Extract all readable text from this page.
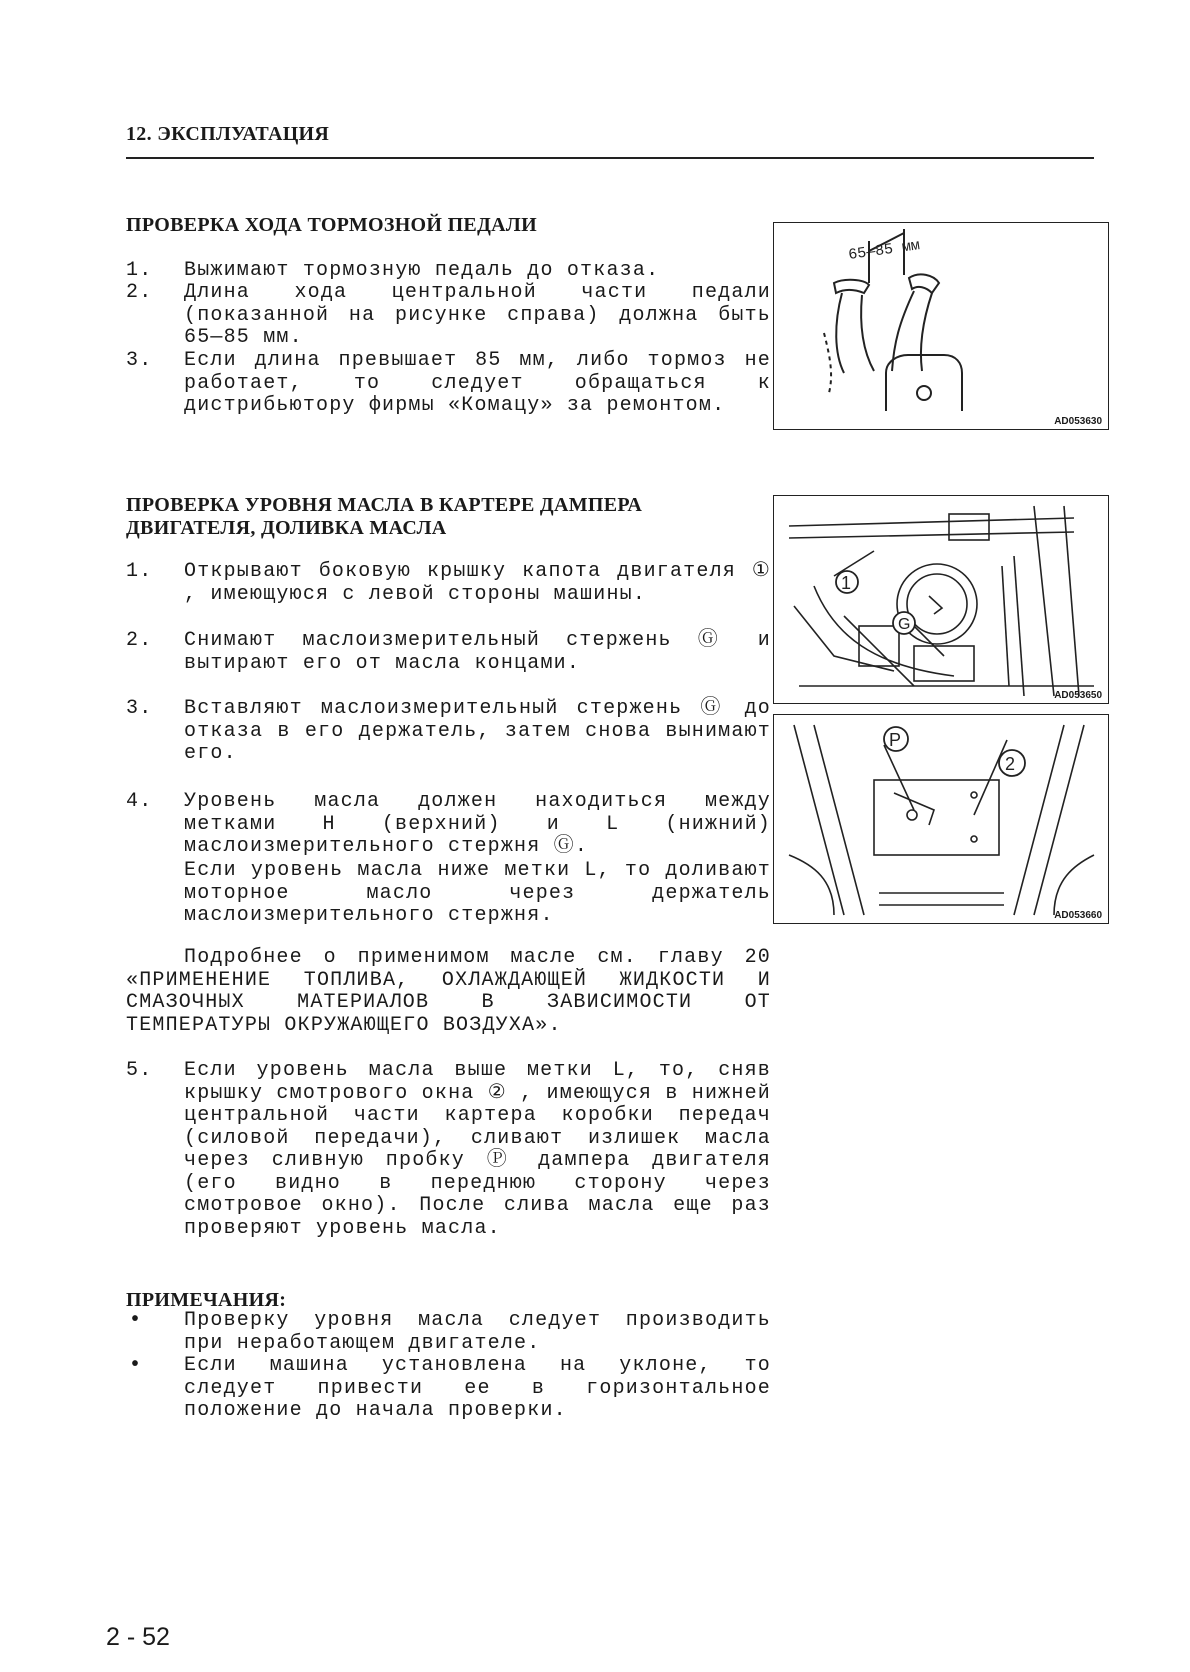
12. ЭКСПЛУАТАЦИЯ
ПРОВЕРКА ХОДА ТОРМОЗНОЙ ПЕДАЛИ
1. Выжимают тормозную педаль до отказа.
2. Длина хода центральной части педали (показанной на рисунке справа) должна быть 65—85 мм.
3. Если длина превышает 85 мм, либо тормоз не работает, то следует обращаться к дистрибьютору фирмы «Комацу» за ремонтом.
65—85 мм
AD053630
ПРОВЕРКА УРОВНЯ МАСЛА В КАРТЕРЕ ДАМПЕРА ДВИГАТЕЛЯ, ДОЛИВКА МАСЛА
1. Открывают боковую крышку капота двигателя ① , имеющуюся с левой стороны машины.
2. Снимают маслоизмерительный стержень Ⓖ и вытирают его от масла концами.
3. Вставляют маслоизмерительный стержень Ⓖ до отказа в его держатель, затем снова вынимают его.
4. Уровень масла должен находиться между метками H (верхний) и L (нижний) маслоизмерительного стержня Ⓖ.
Если уровень масла ниже метки L, то доливают моторное масло через держатель маслоизмерительного стержня.
Подробнее о применимом масле см. главу 20 «ПРИМЕНЕНИЕ ТОПЛИВА, ОХЛАЖДАЮЩЕЙ ЖИДКОСТИ И СМАЗОЧНЫХ МАТЕРИАЛОВ В ЗАВИСИМОСТИ ОТ ТЕМПЕРАТУРЫ ОКРУЖАЮЩЕГО ВОЗДУХА».
5. Если уровень масла выше метки L, то, сняв крышку смотрового окна ② , имеющуся в нижней центральной части картера коробки передач (силовой передачи), сливают излишек масла через сливную пробку Ⓟ дампера двигателя (его видно в переднюю сторону через смотровое окно). После слива масла еще раз проверяют уровень масла.
1
G
AD053650
P
2
AD053660
ПРИМЕЧАНИЯ:
• Проверку уровня масла следует производить при неработающем двигателе.
• Если машина установлена на уклоне, то следует привести ее в горизонтальное положение до начала проверки.
2 - 52
